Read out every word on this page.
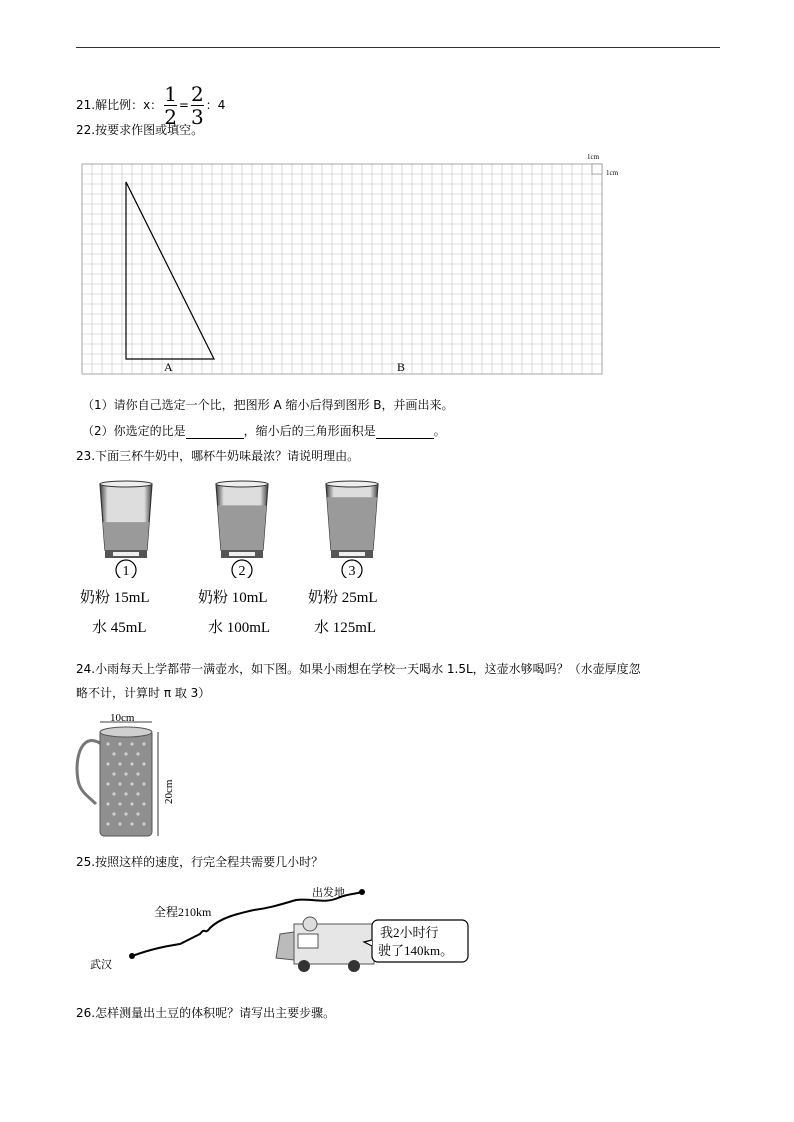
21.解比例：x： $\frac{1}{2} = \frac{2}{3}$ ：4
22.按要求作图或填空。
A	B
1cm
1cm
（1）请你自己选定一个比，把图形 A 缩小后得到图形 B，并画出来。
（2）你选定的比是	，缩小后的三角形面积是	。
23.下面三杯牛奶中，哪杯牛奶味最浓？请说明理由。
1	2	3
奶粉 15mL
水 45mL
奶粉 10mL
水 100mL
奶粉 25mL
水 125mL
24.小雨每天上学都带一满壶水，如下图。如果小雨想在学校一天喝水 1.5L，这壶水够喝吗？（水壶厚度忽
略不计，计算时 π 取 3）
10cm
20cm
25.按照这样的速度，行完全程共需要几小时？
全程210km
出发地
武汉
我2小时行
驶了140km。
26.怎样测量出土豆的体积呢？请写出主要步骤。
